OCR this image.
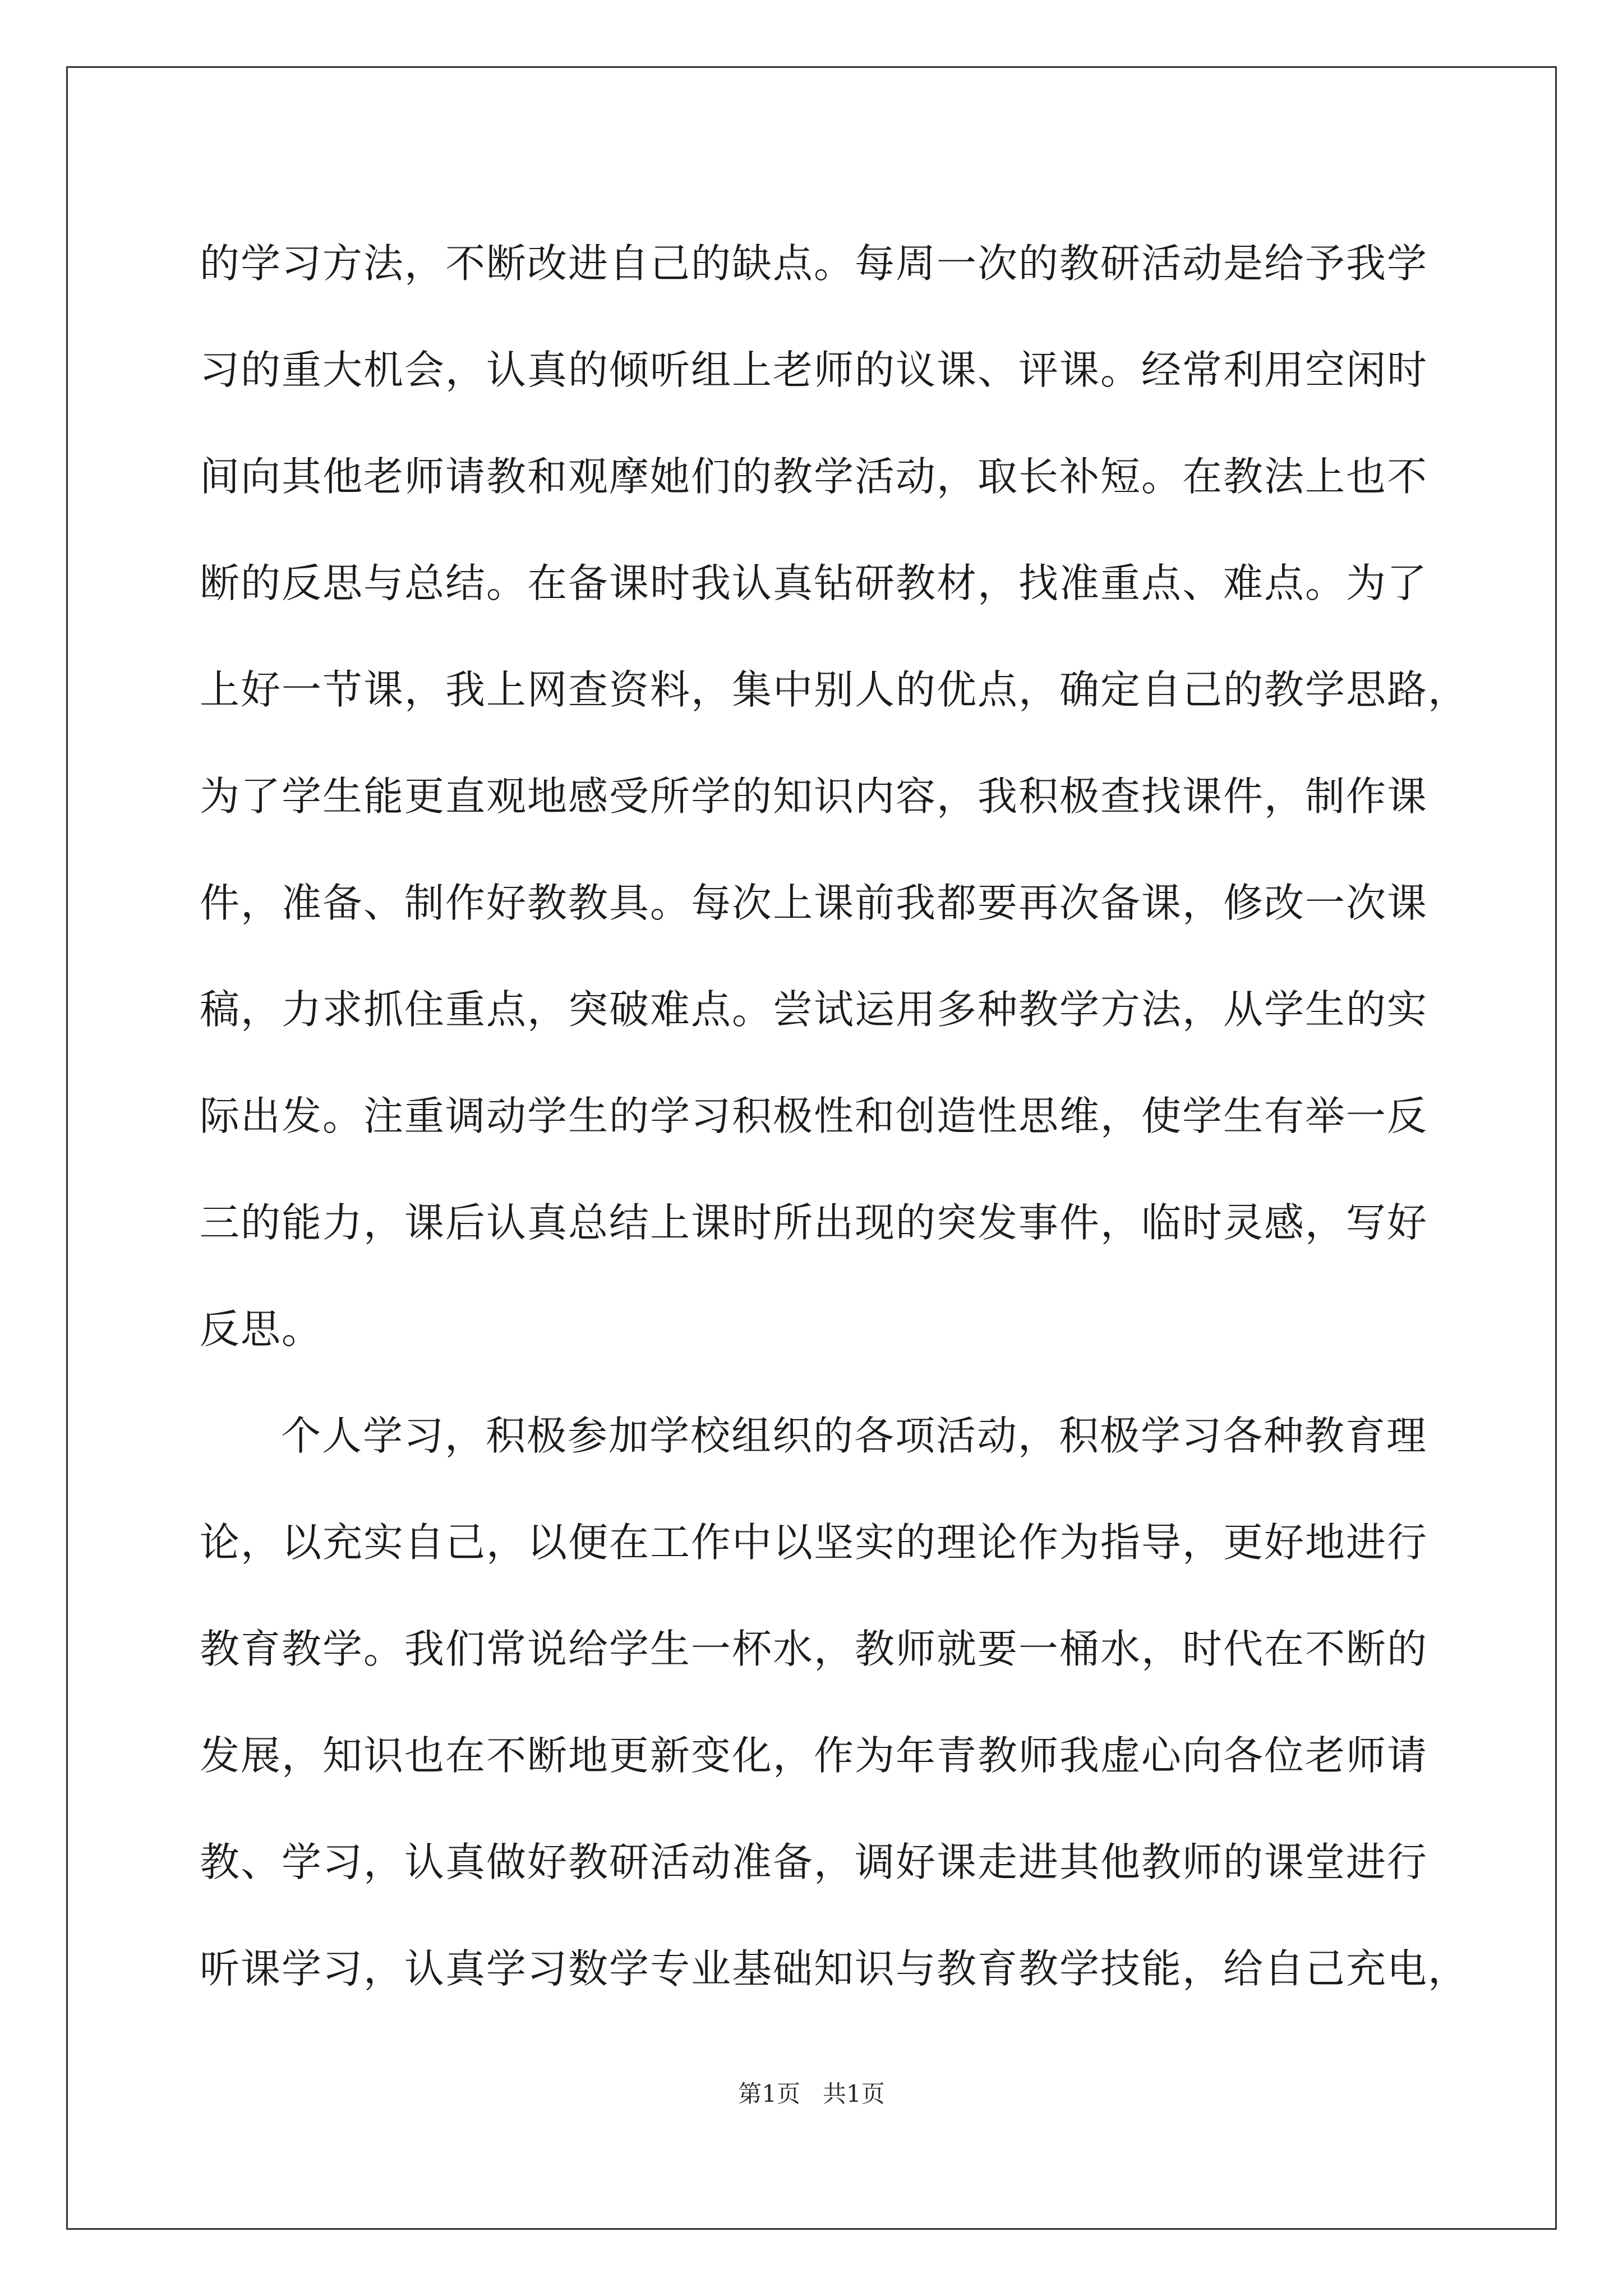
的学习方法，不断改进自己的缺点。每周一次的教研活动是给予我学
习的重大机会，认真的倾听组上老师的议课、评课。经常利用空闲时
间向其他老师请教和观摩她们的教学活动，取长补短。在教法上也不
断的反思与总结。在备课时我认真钻研教材，找准重点、难点。为了
上好一节课，我上网查资料，集中别人的优点，确定自己的教学思路，
为了学生能更直观地感受所学的知识内容，我积极查找课件，制作课
件，准备、制作好教教具。每次上课前我都要再次备课，修改一次课
稿，力求抓住重点，突破难点。尝试运用多种教学方法，从学生的实
际出发。注重调动学生的学习积极性和创造性思维，使学生有举一反
三的能力，课后认真总结上课时所出现的突发事件，临时灵感，写好
反思。
个人学习，积极参加学校组织的各项活动，积极学习各种教育理
论，以充实自己，以便在工作中以坚实的理论作为指导，更好地进行
教育教学。我们常说给学生一杯水，教师就要一桶水，时代在不断的
发展，知识也在不断地更新变化，作为年青教师我虚心向各位老师请
教、学习，认真做好教研活动准备，调好课走进其他教师的课堂进行
听课学习，认真学习数学专业基础知识与教育教学技能，给自己充电，
第1页   共1页
